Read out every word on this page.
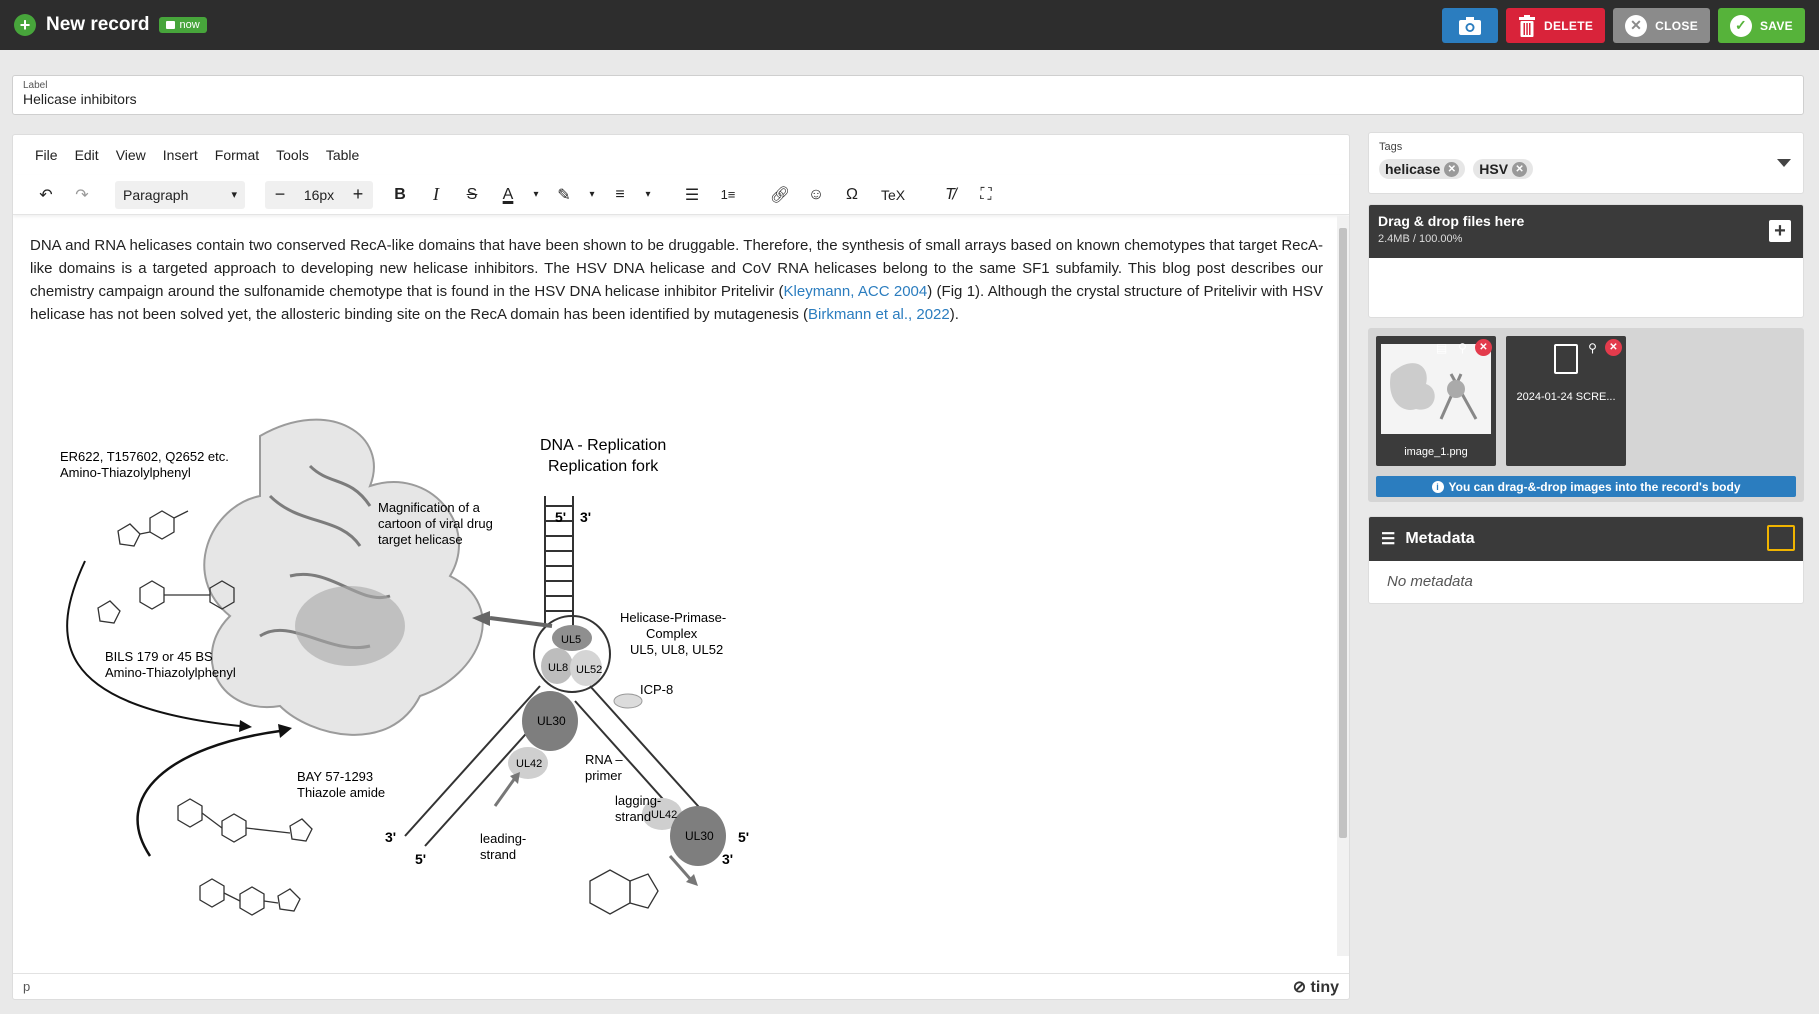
+ New record	now	DELETE	✕	CLOSE	✓	SAVE
Label
Helicase inhibitors
File Edit View Insert Format Tools Table
↶	↷	Paragraph	▾	−	16px	+	B	I	S	A	▾	✎	▾	≡	▾	☰	1≡	🔗︎	☺	Ω	TeX	T̸	⛶

DNA and RNA helicases contain two conserved RecA-like domains that have been shown to be druggable. Therefore, the synthesis of small arrays based on known chemotypes that target RecA-like domains is a targeted approach to developing new helicase inhibitors. The HSV DNA helicase and CoV RNA helicases belong to the same SF1 subfamily. This blog post describes our chemistry campaign around the sulfonamide chemotype that is found in the HSV DNA helicase inhibitor Pritelivir (Kleymann, ACC 2004) (Fig 1). Although the crystal structure of Pritelivir with HSV helicase has not been solved yet, the allosteric binding site on the RecA domain has been identified by mutagenesis (Birkmann et al., 2022).

ER622, T157602, Q2652 etc.
Amino-Thiazolylphenyl
BILS 179 or 45 BS
Amino-Thiazolylphenyl
BAY 57-1293
Thiazole amide
Magnification of a
cartoon of viral drug
target helicase
DNA - Replication
Replication fork
5' 3'
3'
5'
5'
3'
UL5
UL8 UL52
UL30
UL42
UL42
UL30
Helicase-Primase-
Complex
UL5, UL8, UL52
ICP-8
RNA –
primer
leading-
strand
lagging-
strand
p	⊘ tiny
Tags
helicase ✕ HSV ✕
Drag & drop files here
2.4MB / 100.00%	+
▤ ⚲	✕
image_1.png
⚲	✕
2024-01-24 SCRE...
i You can drag-&-drop images into the record's body
☰ Metadata
No metadata
